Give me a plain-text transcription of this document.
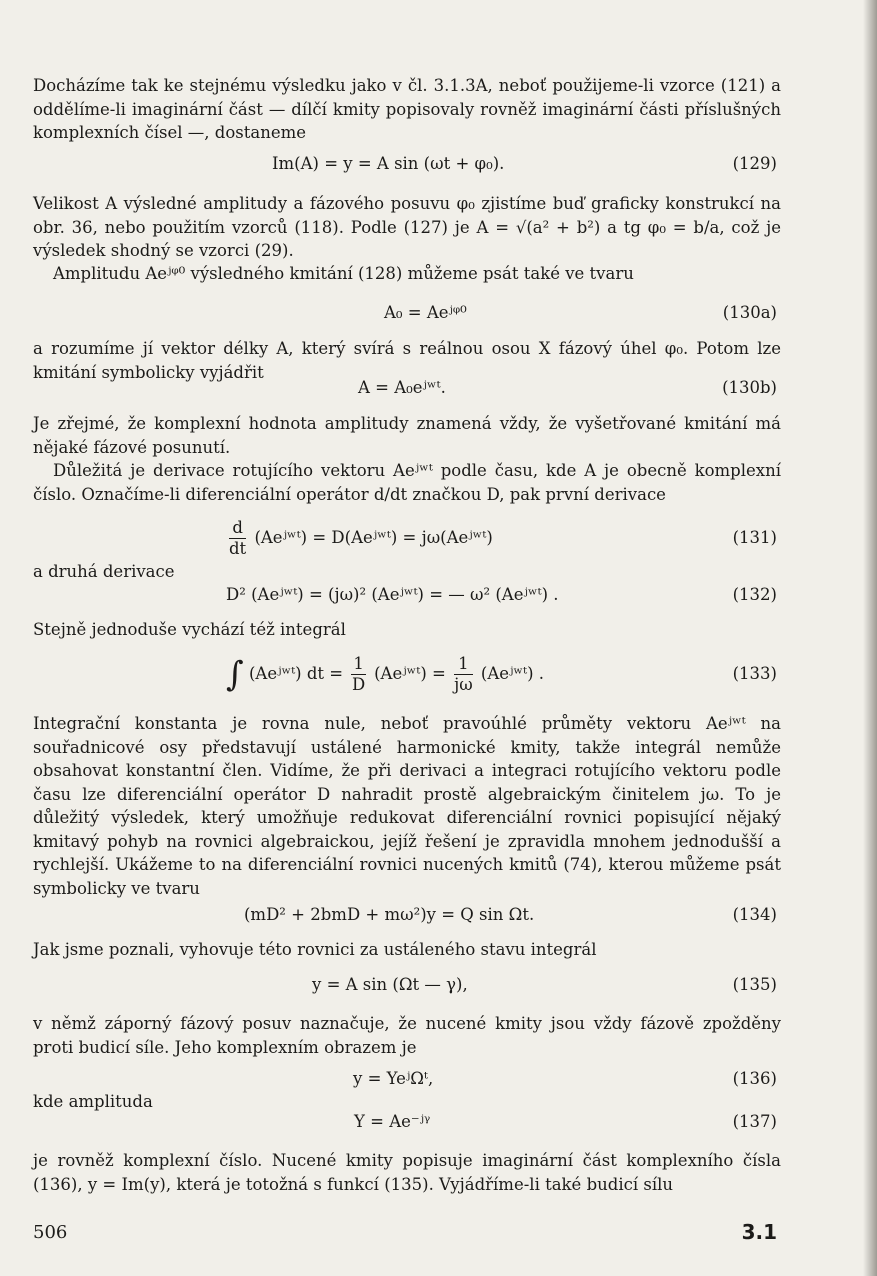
Docházíme tak ke stejnému výsledku jako v čl. 3.1.3A, neboť použijeme-li vzorce (121) a oddělíme-li imaginární část — dílčí kmity popisovaly rovněž imaginární části příslušných komplexních čísel —, dostaneme

Im(A) = y = A sin (ωt + φ₀).	(129)

Velikost A výsledné amplitudy a fázového posuvu φ₀ zjistíme buď graficky konstrukcí na obr. 36, nebo použitím vzorců (118). Podle (127) je A = √(a² + b²) a tg φ₀ = b/a, což je výsledek shodný se vzorci (29).

Amplitudu Aeʲᵠ⁰ výsledného kmitání (128) můžeme psát také ve tvaru

A₀ = Aeʲᵠ⁰	(130a)

a rozumíme jí vektor délky A, který svírá s reálnou osou X fázový úhel φ₀. Potom lze kmitání symbolicky vyjádřit

A = A₀eʲʷᵗ.	(130b)

Je zřejmé, že komplexní hodnota amplitudy znamená vždy, že vyšetřované kmitání má nějaké fázové posunutí.

Důležitá je derivace rotujícího vektoru Aeʲʷᵗ podle času, kde A je obecně komplexní číslo. Označíme-li diferenciální operátor d/dt značkou D, pak první derivace

$\frac{d}{dt}$ (Aeʲʷᵗ) = D(Aeʲʷᵗ) = jω(Aeʲʷᵗ)	(131)
a druhá derivace
D² (Aeʲʷᵗ) = (jω)² (Aeʲʷᵗ) = — ω² (Aeʲʷᵗ) .	(132)
Stejně jednoduše vychází též integrál
∫ (Aeʲʷᵗ) dt = $\frac{1}{D}$ (Aeʲʷᵗ) = $\frac{1}{j\omega}$ (Aeʲʷᵗ) .	(133)

Integrační konstanta je rovna nule, neboť pravoúhlé průměty vektoru Aeʲʷᵗ na souřadnicové osy představují ustálené harmonické kmity, takže integrál nemůže obsahovat konstantní člen. Vidíme, že při derivaci a integraci rotujícího vektoru podle času lze diferenciální operátor D nahradit prostě algebraickým činitelem jω. To je důležitý výsledek, který umožňuje redukovat diferenciální rovnici popisující nějaký kmitavý pohyb na rovnici algebraickou, jejíž řešení je zpravidla mnohem jednodušší a rychlejší. Ukážeme to na diferenciální rovnici nucených kmitů (74), kterou můžeme psát symbolicky ve tvaru

(mD² + 2bmD + mω²)y = Q sin Ωt.	(134)
Jak jsme poznali, vyhovuje této rovnici za ustáleného stavu integrál
y = A sin (Ωt — γ),	(135)

v němž záporný fázový posuv naznačuje, že nucené kmity jsou vždy fázově zpožděny proti budicí síle. Jeho komplexním obrazem je

y = YeʲΩᵗ,	(136)
kde amplituda
Y = Ae⁻ʲᵞ	(137)

je rovněž komplexní číslo. Nucené kmity popisuje imaginární část komplexního čísla (136), y = Im(y), která je totožná s funkcí (135). Vyjádříme-li také budicí sílu

506	3.1
